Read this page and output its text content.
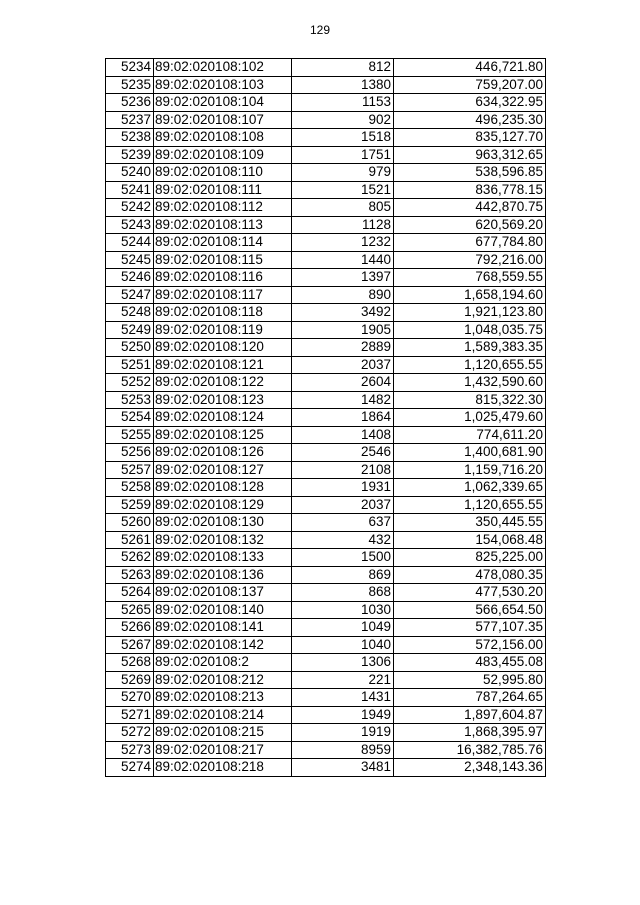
129
5234	89:02:020108:102	812	446,721.80
5235	89:02:020108:103	1380	759,207.00
5236	89:02:020108:104	1153	634,322.95
5237	89:02:020108:107	902	496,235.30
5238	89:02:020108:108	1518	835,127.70
5239	89:02:020108:109	1751	963,312.65
5240	89:02:020108:110	979	538,596.85
5241	89:02:020108:111	1521	836,778.15
5242	89:02:020108:112	805	442,870.75
5243	89:02:020108:113	1128	620,569.20
5244	89:02:020108:114	1232	677,784.80
5245	89:02:020108:115	1440	792,216.00
5246	89:02:020108:116	1397	768,559.55
5247	89:02:020108:117	890	1,658,194.60
5248	89:02:020108:118	3492	1,921,123.80
5249	89:02:020108:119	1905	1,048,035.75
5250	89:02:020108:120	2889	1,589,383.35
5251	89:02:020108:121	2037	1,120,655.55
5252	89:02:020108:122	2604	1,432,590.60
5253	89:02:020108:123	1482	815,322.30
5254	89:02:020108:124	1864	1,025,479.60
5255	89:02:020108:125	1408	774,611.20
5256	89:02:020108:126	2546	1,400,681.90
5257	89:02:020108:127	2108	1,159,716.20
5258	89:02:020108:128	1931	1,062,339.65
5259	89:02:020108:129	2037	1,120,655.55
5260	89:02:020108:130	637	350,445.55
5261	89:02:020108:132	432	154,068.48
5262	89:02:020108:133	1500	825,225.00
5263	89:02:020108:136	869	478,080.35
5264	89:02:020108:137	868	477,530.20
5265	89:02:020108:140	1030	566,654.50
5266	89:02:020108:141	1049	577,107.35
5267	89:02:020108:142	1040	572,156.00
5268	89:02:020108:2	1306	483,455.08
5269	89:02:020108:212	221	52,995.80
5270	89:02:020108:213	1431	787,264.65
5271	89:02:020108:214	1949	1,897,604.87
5272	89:02:020108:215	1919	1,868,395.97
5273	89:02:020108:217	8959	16,382,785.76
5274	89:02:020108:218	3481	2,348,143.36
